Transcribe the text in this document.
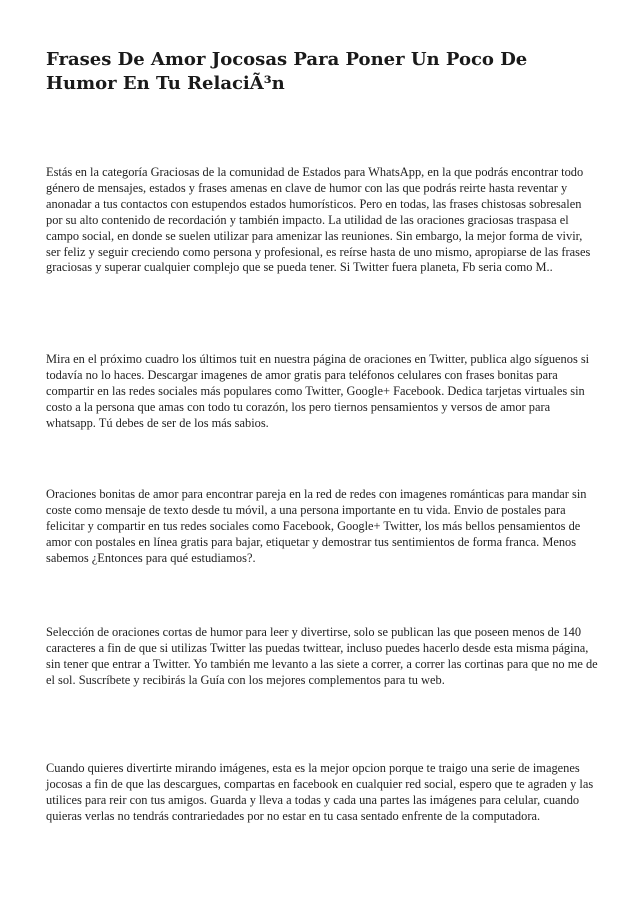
Frases De Amor Jocosas Para Poner Un Poco De Humor En Tu RelaciÃ³n

Estás en la categoría Graciosas de la comunidad de Estados para WhatsApp, en la que podrás encontrar todo género de mensajes, estados y frases amenas en clave de humor con las que podrás reirte hasta reventar y anonadar a tus contactos con estupendos estados humorísticos. Pero en todas, las frases chistosas sobresalen por su alto contenido de recordación y también impacto. La utilidad de las oraciones graciosas traspasa el campo social, en donde se suelen utilizar para amenizar las reuniones. Sin embargo, la mejor forma de vivir, ser feliz y seguir creciendo como persona y profesional, es reírse hasta de uno mismo, apropiarse de las frases graciosas y superar cualquier complejo que se pueda tener. Si Twitter fuera planeta, Fb seria como M..

Mira en el próximo cuadro los últimos tuit en nuestra página de oraciones en Twitter, publica algo síguenos si todavía no lo haces. Descargar imagenes de amor gratis para teléfonos celulares con frases bonitas para compartir en las redes sociales más populares como Twitter, Google+ Facebook. Dedica tarjetas virtuales sin costo a la persona que amas con todo tu corazón, los pero tiernos pensamientos y versos de amor para whatsapp. Tú debes de ser de los más sabios.

Oraciones bonitas de amor para encontrar pareja en la red de redes con imagenes románticas para mandar sin coste como mensaje de texto desde tu móvil, a una persona importante en tu vida. Envio de postales para felicitar y compartir en tus redes sociales como Facebook, Google+ Twitter, los más bellos pensamientos de amor con postales en línea gratis para bajar, etiquetar y demostrar tus sentimientos de forma franca. Menos sabemos ¿Entonces para qué estudiamos?.

Selección de oraciones cortas de humor para leer y divertirse, solo se publican las que poseen menos de 140 caracteres a fin de que si utilizas Twitter las puedas twittear, incluso puedes hacerlo desde esta misma página, sin tener que entrar a Twitter. Yo también me levanto a las siete a correr, a correr las cortinas para que no me de el sol. Suscríbete y recibirás la Guía con los mejores complementos para tu web.

Cuando quieres divertirte mirando imágenes, esta es la mejor opcion porque te traigo una serie de imagenes jocosas a fin de que las descargues, compartas en facebook en cualquier red social, espero que te agraden y las utilices para reir con tus amigos. Guarda y lleva a todas y cada una partes las imágenes para celular, cuando quieras verlas no tendrás contrariedades por no estar en tu casa sentado enfrente de la computadora.
